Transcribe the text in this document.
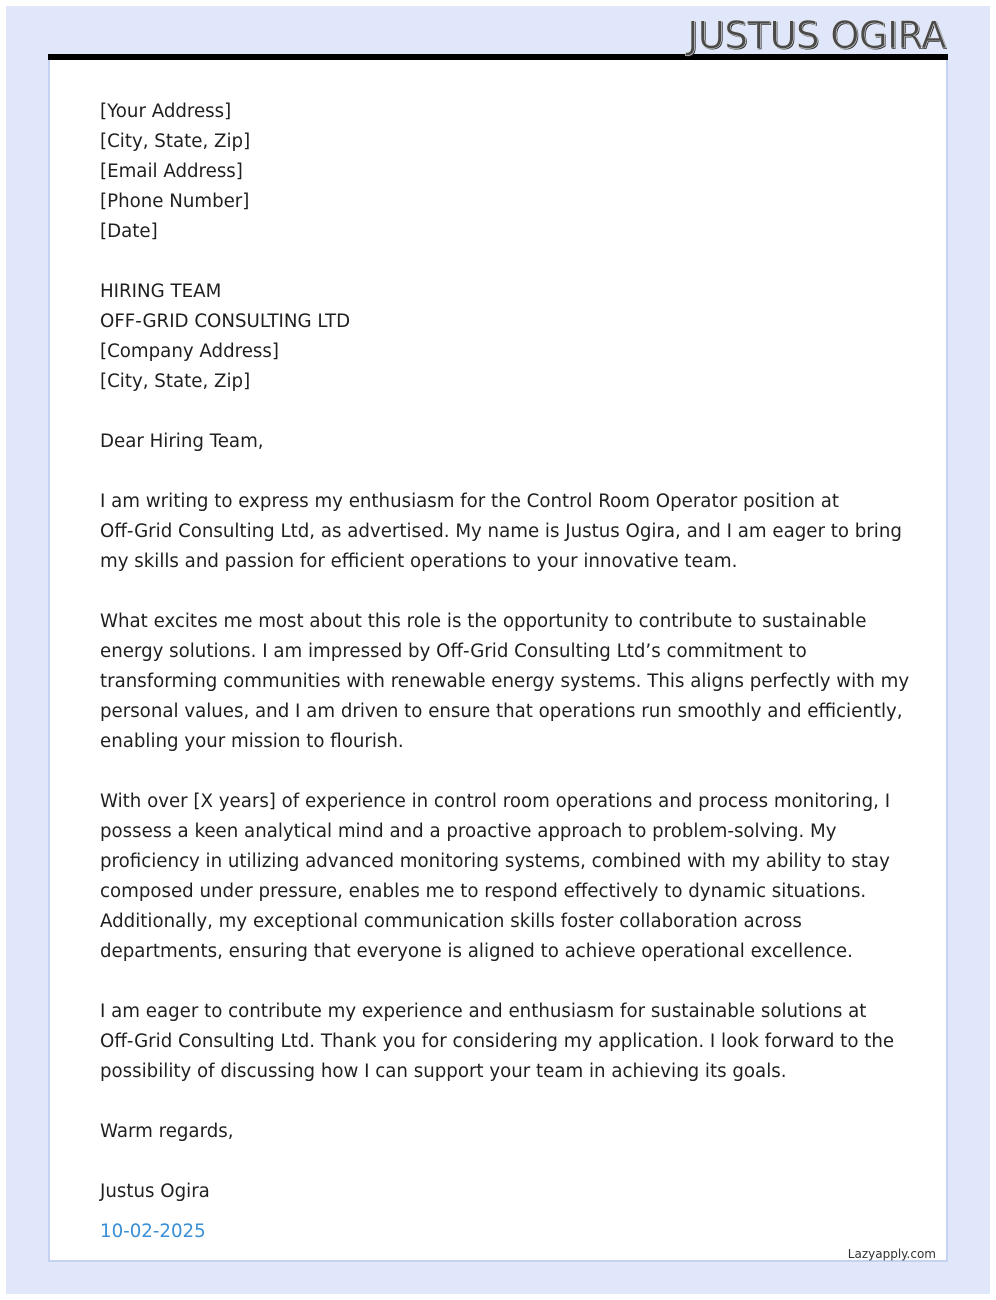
JUSTUS OGIRA
[Your Address]
[City, State, Zip]
[Email Address]
[Phone Number]
[Date]
HIRING TEAM
OFF-GRID CONSULTING LTD
[Company Address]
[City, State, Zip]
Dear Hiring Team,
I am writing to express my enthusiasm for the Control Room Operator position at
Off-Grid Consulting Ltd, as advertised. My name is Justus Ogira, and I am eager to bring
my skills and passion for efficient operations to your innovative team.
What excites me most about this role is the opportunity to contribute to sustainable
energy solutions. I am impressed by Off-Grid Consulting Ltd’s commitment to
transforming communities with renewable energy systems. This aligns perfectly with my
personal values, and I am driven to ensure that operations run smoothly and efficiently,
enabling your mission to flourish.
With over [X years] of experience in control room operations and process monitoring, I
possess a keen analytical mind and a proactive approach to problem-solving. My
proficiency in utilizing advanced monitoring systems, combined with my ability to stay
composed under pressure, enables me to respond effectively to dynamic situations.
Additionally, my exceptional communication skills foster collaboration across
departments, ensuring that everyone is aligned to achieve operational excellence.
I am eager to contribute my experience and enthusiasm for sustainable solutions at
Off-Grid Consulting Ltd. Thank you for considering my application. I look forward to the
possibility of discussing how I can support your team in achieving its goals.
Warm regards,
Justus Ogira
10-02-2025
Lazyapply.com
